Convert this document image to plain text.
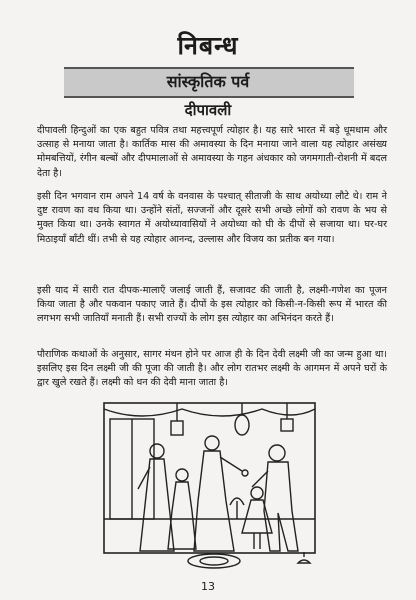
निबन्ध
सांस्कृतिक पर्व
दीपावली
दीपावली हिन्दुओं का एक बहुत पवित्र तथा महत्त्वपूर्ण त्योहार है। यह सारे भारत में बड़े धूमधाम और उत्साह से मनाया जाता है। कार्तिक मास की अमावस्या के दिन मनाया जाने वाला यह त्योहार असंख्य मोमबत्तियों, रंगीन बल्बों और दीपमालाओं से अमावस्या के गहन अंधकार को जगमगाती-रोशनी में बदल देता है।
इसी दिन भगवान राम अपने 14 वर्ष के वनवास के पश्चात् सीताजी के साथ अयोध्या लौटे थे। राम ने दुष्ट रावण का वध किया था। उन्होंने संतों, सज्जनों और दूसरे सभी अच्छे लोगों को रावण के भय से मुक्त किया था। उनके स्वागत में अयोध्यावासियों ने अयोध्या को घी के दीपों से सजाया था। घर-घर मिठाइयाँ बाँटी थीं। तभी से यह त्योहार आनन्द, उल्लास और विजय का प्रतीक बन गया।
इसी याद में सारी रात दीपक-मालाएँ जलाई जाती हैं, सजावट की जाती है, लक्ष्मी-गणेश का पूजन किया जाता है और पकवान पकाए जाते हैं। दीपों के इस त्योहार को किसी-न-किसी रूप में भारत की लगभग सभी जातियाँ मनाती हैं। सभी राज्यों के लोग इस त्योहार का अभिनंदन करते हैं।
पौराणिक कथाओं के अनुसार, सागर मंथन होने पर आज ही के दिन देवी लक्ष्मी जी का जन्म हुआ था। इसलिए इस दिन लक्ष्मी जी की पूजा की जाती है। और लोग रातभर लक्ष्मी के आगमन में अपने घरों के द्वार खुले रखते हैं। लक्ष्मी को धन की देवी माना जाता है।
13
